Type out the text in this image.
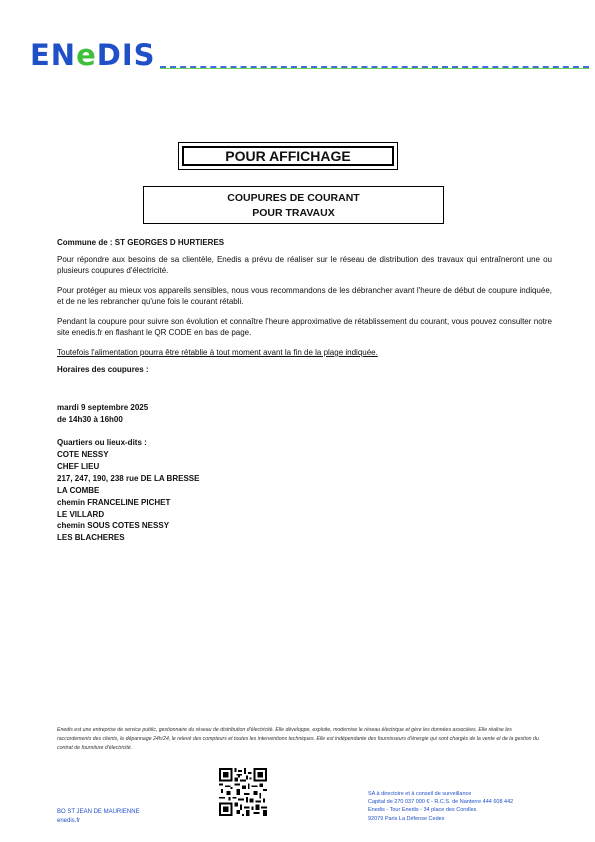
ENeDIS
POUR AFFICHAGE
COUPURES DE COURANT
POUR TRAVAUX
Commune de : ST GEORGES D HURTIERES

Pour répondre aux besoins de sa clientèle, Enedis a prévu de réaliser sur le réseau de distribution des travaux qui entraîneront une ou plusieurs coupures d'électricité.

Pour protéger au mieux vos appareils sensibles, nous vous recommandons de les débrancher avant l'heure de début de coupure indiquée, et de ne les rebrancher qu'une fois le courant rétabli.

Pendant la coupure pour suivre son évolution et connaître l'heure approximative de rétablissement du courant, vous pouvez consulter notre site enedis.fr en flashant le QR CODE en bas de page.

Toutefois l'alimentation pourra être rétablie à tout moment avant la fin de la plage indiquée.
Horaires des coupures :
mardi 9 septembre 2025
de 14h30 à 16h00
Quartiers ou lieux-dits :
COTE NESSY
CHEF LIEU
217, 247, 190, 238 rue DE LA BRESSE
LA COMBE
chemin FRANCELINE PICHET
LE VILLARD
chemin SOUS COTES NESSY
LES BLACHERES
Enedis est une entreprise de service public, gestionnaire du réseau de distribution d'électricité. Elle développe, exploite, modernise le réseau électrique et gère les données associées. Elle réalise les raccordements des clients, le dépannage 24h/24, le relevé des compteurs et toutes les interventions techniques. Elle est indépendante des fournisseurs d'énergie qui sont chargés de la vente et de la gestion du contrat de fourniture d'électricité.
BO ST JEAN DE MAURIENNE
enedis.fr
SA à directoire et à conseil de surveillance
Capital de 270 037 000 € - R.C.S. de Nanterre 444 608 442
Enedis - Tour Enedis - 34 place des Corolles
92079 Paris La Défense Cedex
